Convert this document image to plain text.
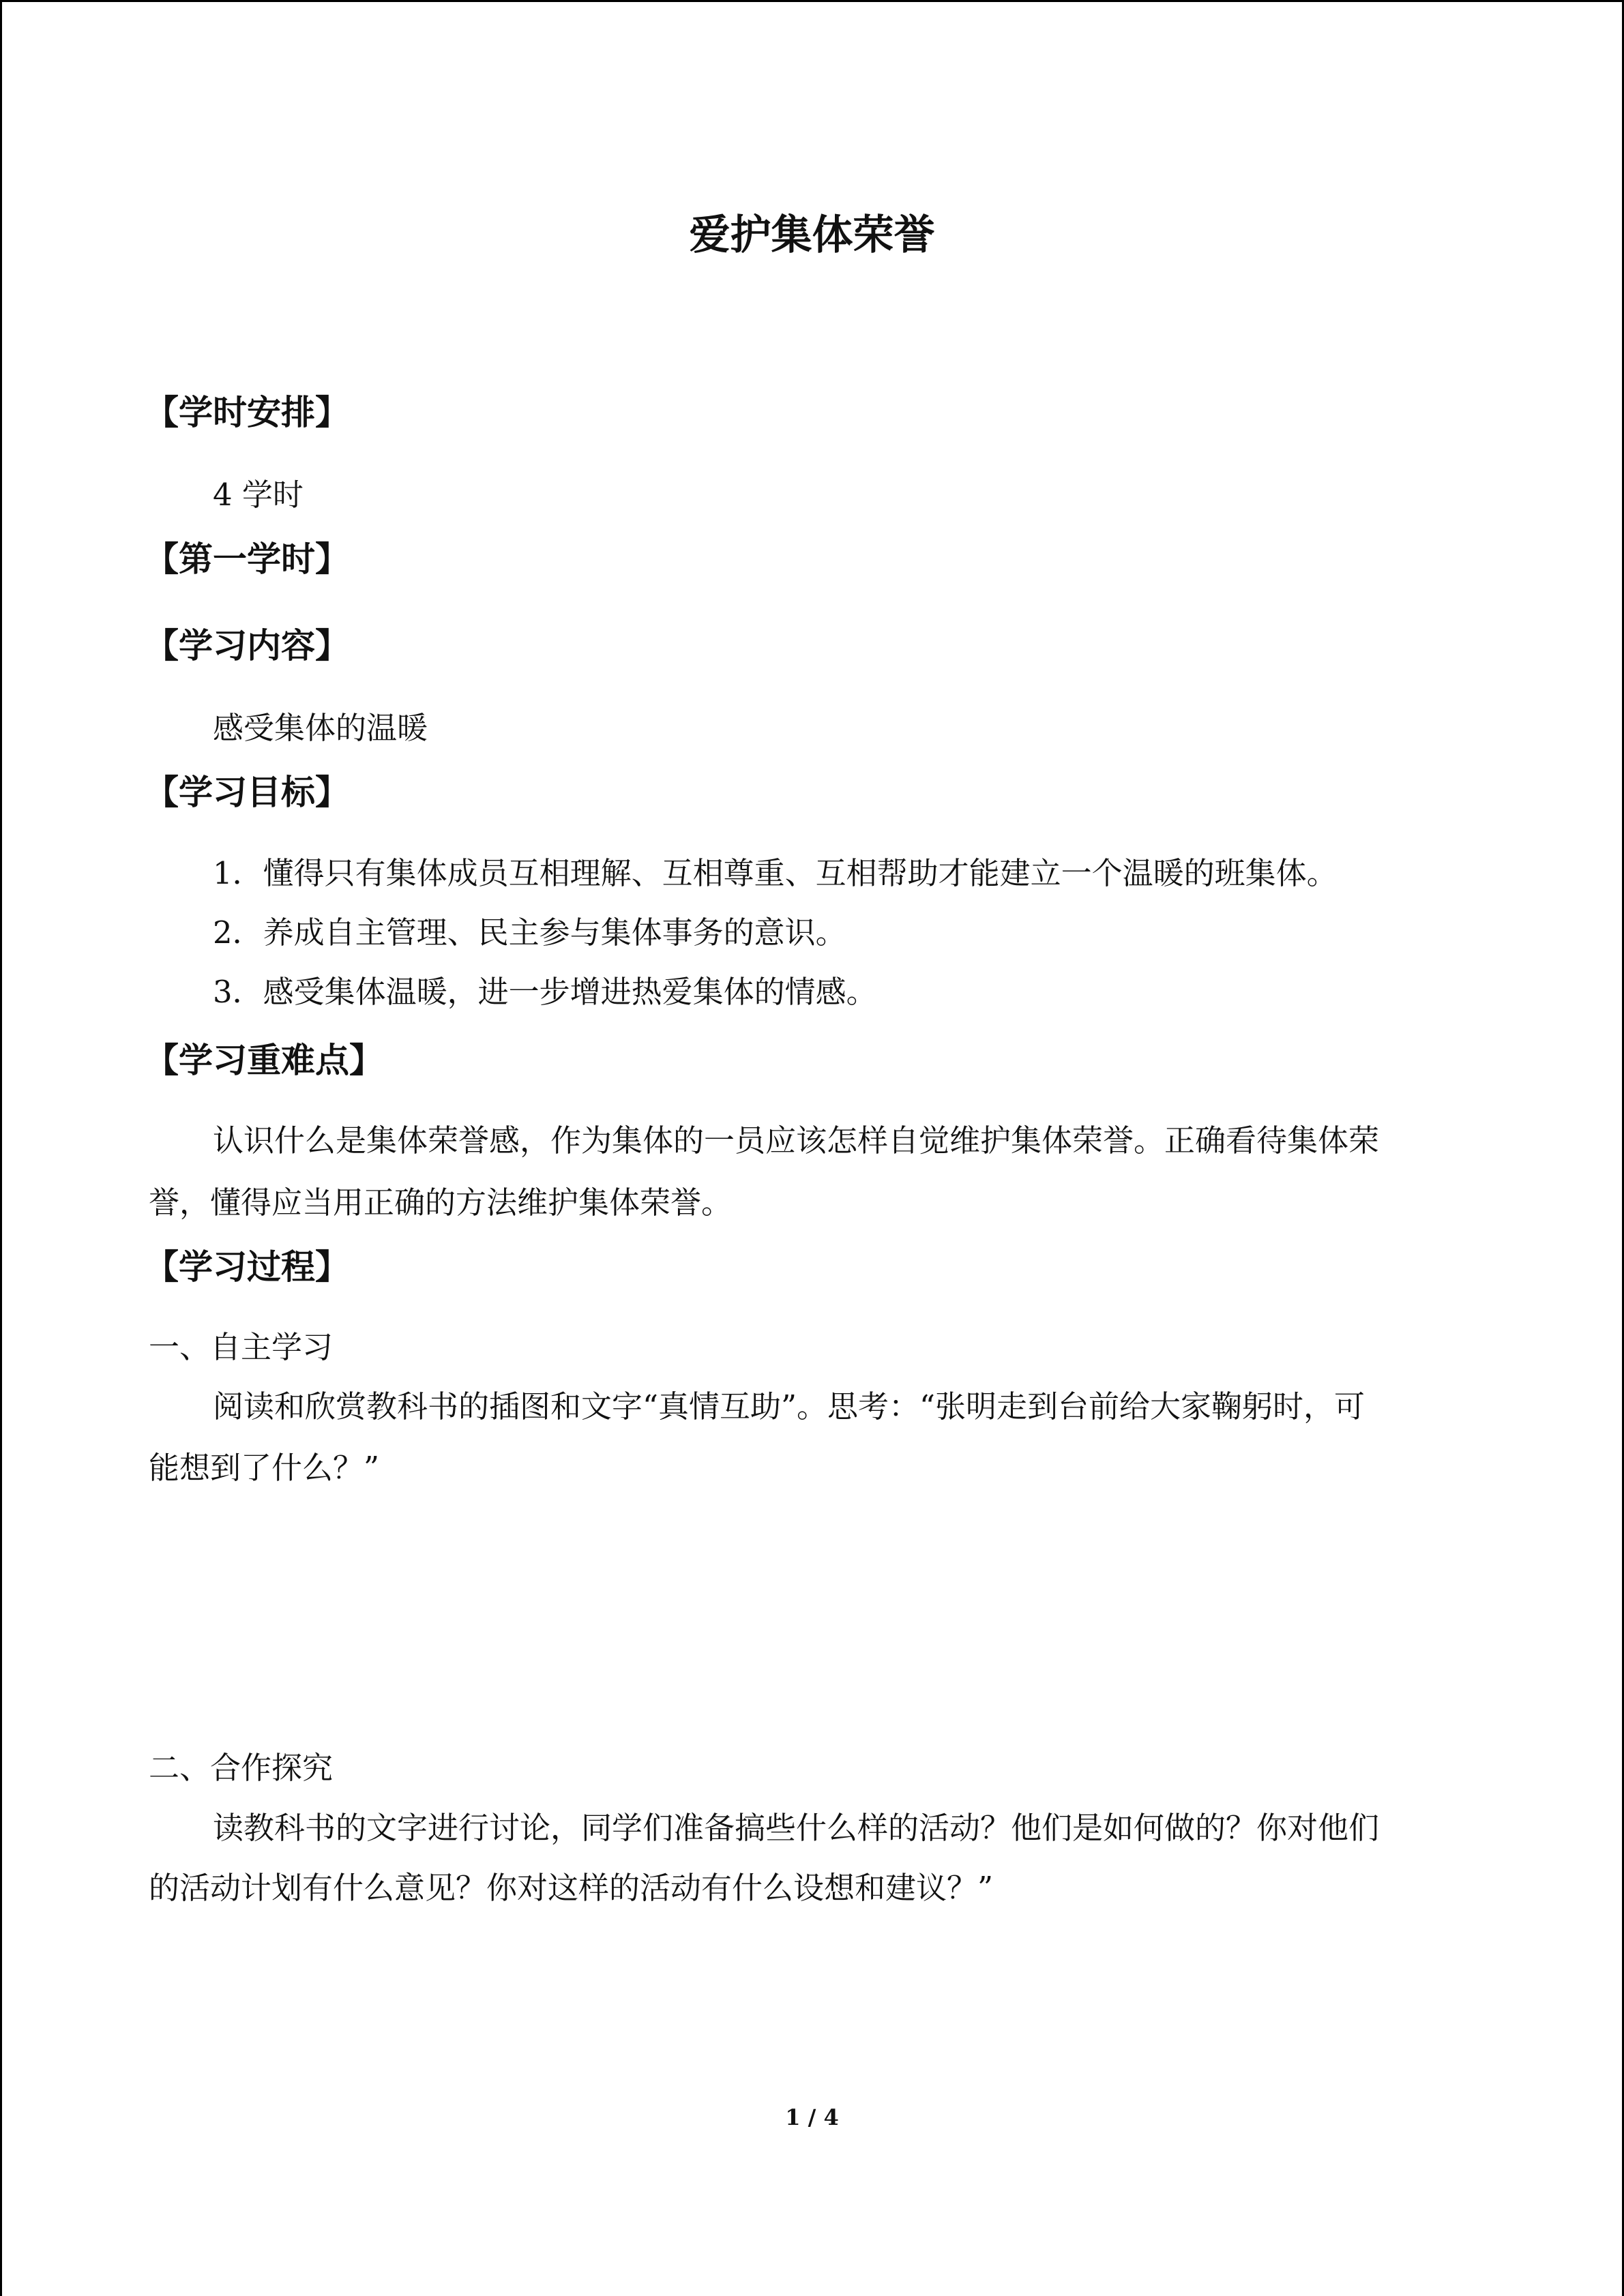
爱护集体荣誉
【学时安排】
4 学时
【第一学时】
【学习内容】
感受集体的温暖
【学习目标】
1．懂得只有集体成员互相理解、互相尊重、互相帮助才能建立一个温暖的班集体。
2．养成自主管理、民主参与集体事务的意识。
3．感受集体温暖，进一步增进热爱集体的情感。
【学习重难点】
认识什么是集体荣誉感，作为集体的一员应该怎样自觉维护集体荣誉。正确看待集体荣
誉，懂得应当用正确的方法维护集体荣誉。
【学习过程】
一、自主学习
阅读和欣赏教科书的插图和文字“真情互助”。思考：“张明走到台前给大家鞠躬时，可
能想到了什么？”
二、合作探究
读教科书的文字进行讨论，同学们准备搞些什么样的活动？他们是如何做的？你对他们
的活动计划有什么意见？你对这样的活动有什么设想和建议？”
1 / 4
